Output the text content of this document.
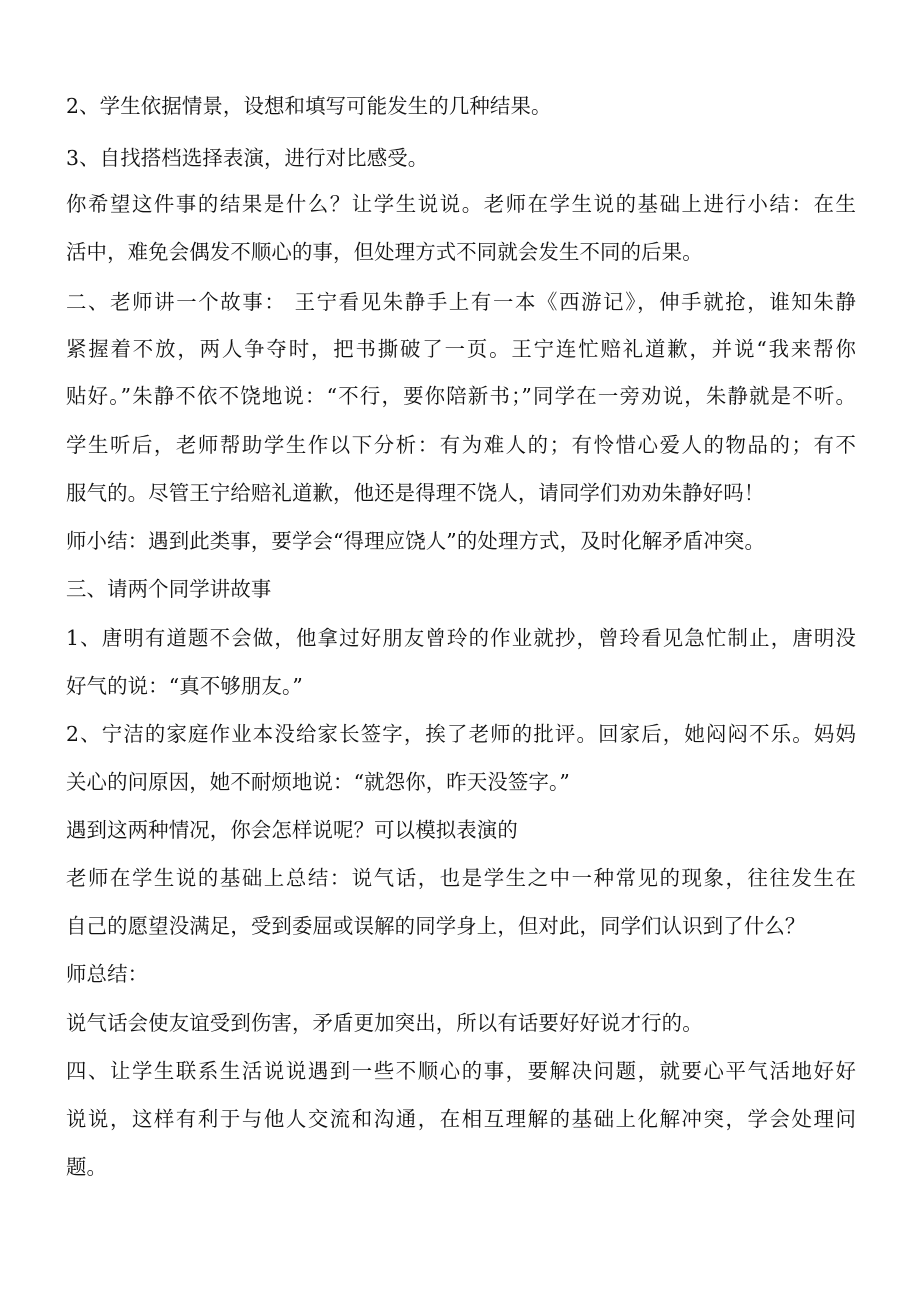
2、学生依据情景，设想和填写可能发生的几种结果。
3、自找搭档选择表演，进行对比感受。
你希望这件事的结果是什么？让学生说说。老师在学生说的基础上进行小结：在生
活中，难免会偶发不顺心的事，但处理方式不同就会发生不同的后果。
二、老师讲一个故事： 王宁看见朱静手上有一本《西游记》，伸手就抢，谁知朱静
紧握着不放，两人争夺时，把书撕破了一页。王宁连忙赔礼道歉，并说“我来帮你
贴好。”朱静不依不饶地说：“不行，要你陪新书；”同学在一旁劝说，朱静就是不听。
学生听后，老师帮助学生作以下分析：有为难人的；有怜惜心爱人的物品的；有不
服气的。尽管王宁给赔礼道歉，他还是得理不饶人，请同学们劝劝朱静好吗！
师小结：遇到此类事，要学会“得理应饶人”的处理方式，及时化解矛盾冲突。
三、请两个同学讲故事
1、唐明有道题不会做，他拿过好朋友曾玲的作业就抄，曾玲看见急忙制止，唐明没
好气的说：“真不够朋友。”
2、宁洁的家庭作业本没给家长签字，挨了老师的批评。回家后，她闷闷不乐。妈妈
关心的问原因，她不耐烦地说：“就怨你，昨天没签字。”
遇到这两种情况，你会怎样说呢？可以模拟表演的
老师在学生说的基础上总结：说气话，也是学生之中一种常见的现象，往往发生在
自己的愿望没满足，受到委屈或误解的同学身上，但对此，同学们认识到了什么？
师总结：
说气话会使友谊受到伤害，矛盾更加突出，所以有话要好好说才行的。
四、让学生联系生活说说遇到一些不顺心的事，要解决问题，就要心平气活地好好
说说，这样有利于与他人交流和沟通，在相互理解的基础上化解冲突，学会处理问
题。
